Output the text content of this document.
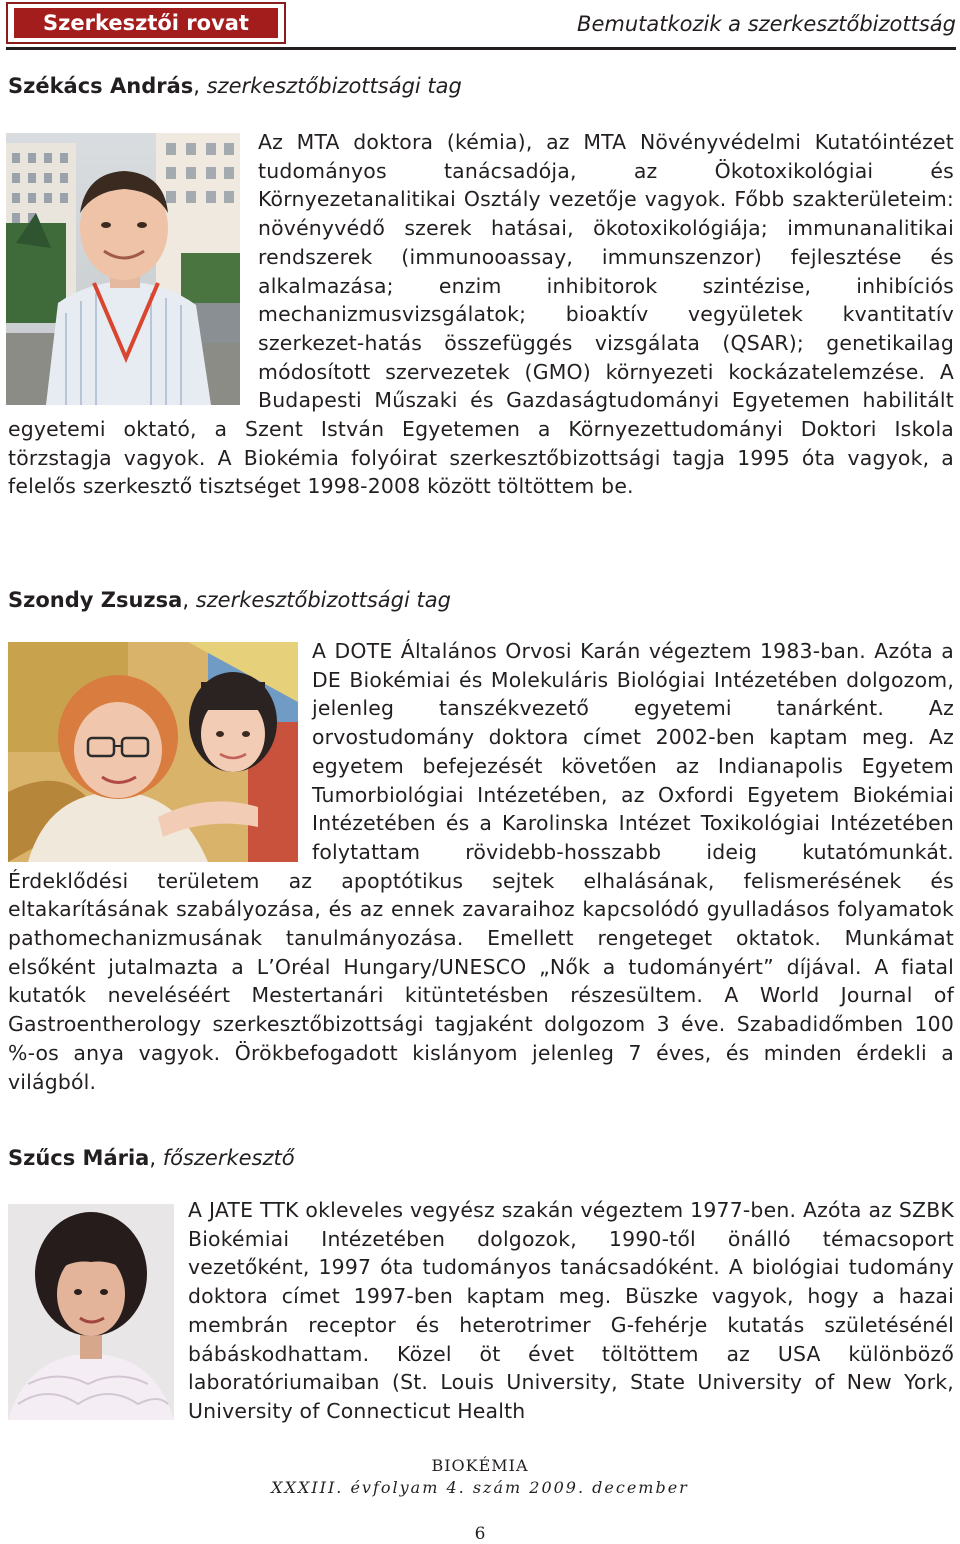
Szerkesztői rovat	Bemutatkozik a szerkesztőbizottság
Székács András, szerkesztőbizottsági tag
Az MTA doktora (kémia), az MTA Növényvédelmi Kutatóintézet tudományos tanácsadója, az Ökotoxikológiai és Környezetanalitikai Osztály vezetője vagyok. Főbb szakterületeim: növényvédő szerek hatásai, ökotoxikológiája; immunanalitikai rendszerek (immunooassay, immunszenzor) fejlesztése és alkalmazása; enzim inhibitorok szintézise, inhibíciós mechanizmusvizsgálatok; bioaktív vegyületek kvantitatív szerkezet-hatás összefüggés vizsgálata (QSAR); genetikailag módosított szervezetek (GMO) környezeti kockázatelemzése. A Budapesti Műszaki és Gazdaságtudományi Egyetemen habilitált egyetemi oktató, a Szent István Egyetemen a Környezettudományi Doktori Iskola törzstagja vagyok. A Biokémia folyóirat szerkesztőbizottsági tagja 1995 óta vagyok, a felelős szerkesztő tisztséget 1998-2008 között töltöttem be.
Szondy Zsuzsa, szerkesztőbizottsági tag
A DOTE Általános Orvosi Karán végeztem 1983-ban. Azóta a DE Biokémiai és Molekuláris Biológiai Intézetében dolgozom, jelenleg tanszékvezető egyetemi tanárként. Az orvostudomány doktora címet 2002-ben kaptam meg. Az egyetem befejezését követően az Indianapolis Egyetem Tumorbiológiai Intézetében, az Oxfordi Egyetem Biokémiai Intézetében és a Karolinska Intézet Toxikológiai Intézetében folytattam rövidebb-hosszabb ideig kutatómunkát. Érdeklődési területem az apoptótikus sejtek elhalásának, felismerésének és eltakarításának szabályozása, és az ennek zavaraihoz kapcsolódó gyulladásos folyamatok pathomechanizmusának tanulmányozása. Emellett rengeteget oktatok. Munkámat elsőként jutalmazta a L’Oréal Hungary/UNESCO „Nők a tudományért” díjával. A fiatal kutatók neveléséért Mestertanári kitüntetésben részesültem. A World Journal of Gastroentherology szerkesztőbizottsági tagjaként dolgozom 3 éve. Szabadidőmben 100 %-os anya vagyok. Örökbefogadott kislányom jelenleg 7 éves, és minden érdekli a világból.
Szűcs Mária, főszerkesztő
A JATE TTK okleveles vegyész szakán végeztem 1977-ben. Azóta az SZBK Biokémiai Intézetében dolgozok, 1990-től önálló témacsoport vezetőként, 1997 óta tudományos tanácsadóként. A biológiai tudomány doktora címet 1997-ben kaptam meg. Büszke vagyok, hogy a hazai membrán receptor és heterotrimer G-fehérje kutatás születésénél bábáskodhattam. Közel öt évet töltöttem az USA különböző laboratóriumaiban (St. Louis University, State University of New York, University of Connecticut Health
BIOKÉMIA
XXXIII. évfolyam 4. szám 2009. december
6
